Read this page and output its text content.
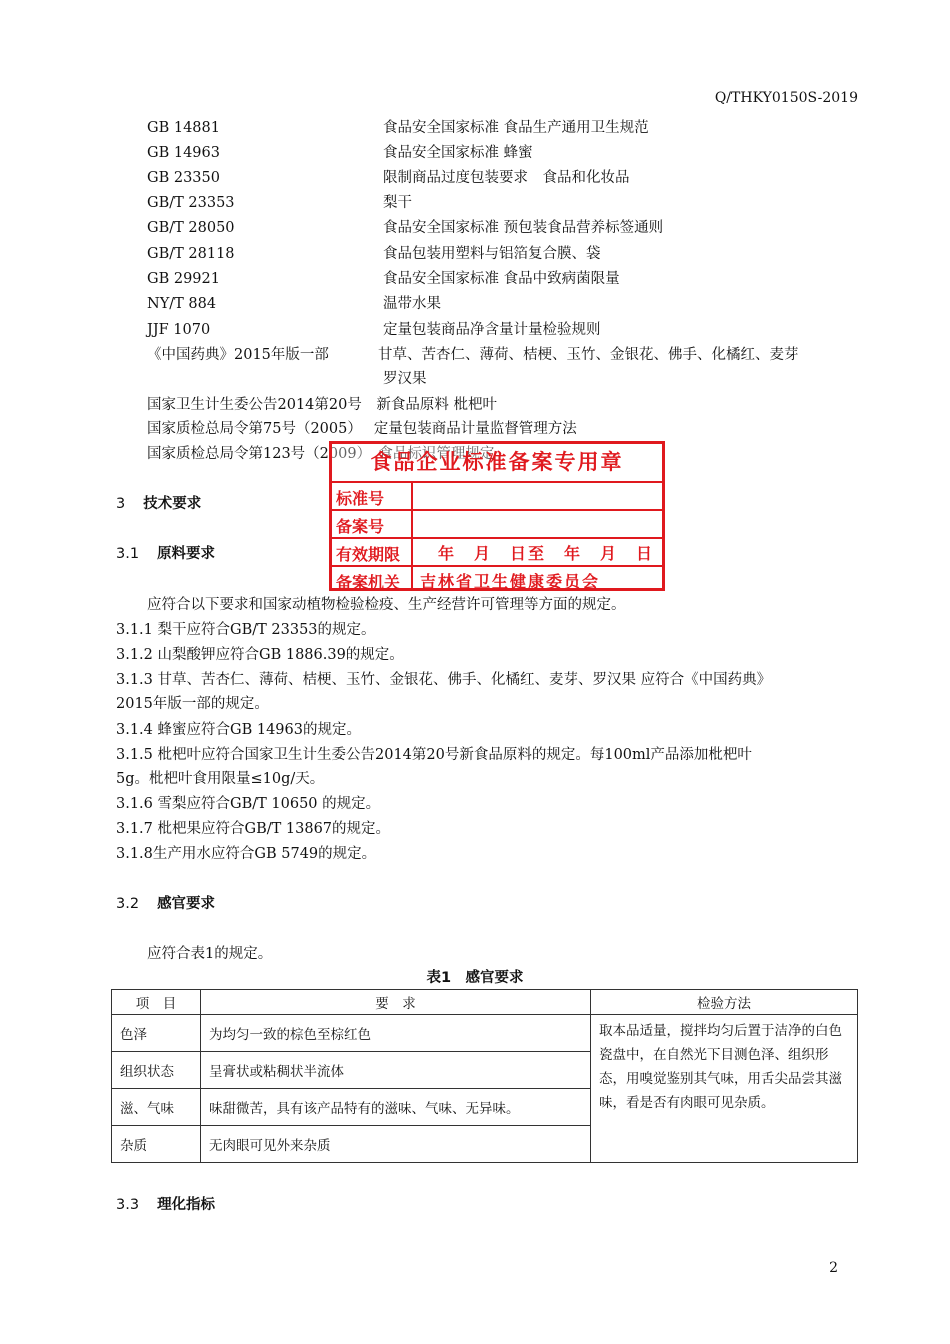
Q/THKY0150S-2019
GB 14881	食品安全国家标准 食品生产通用卫生规范
GB 14963	食品安全国家标准 蜂蜜
GB 23350	限制商品过度包装要求　食品和化妆品
GB/T 23353	梨干
GB/T 28050	食品安全国家标准 预包装食品营养标签通则
GB/T 28118	食品包装用塑料与铝箔复合膜、袋
GB 29921	食品安全国家标准 食品中致病菌限量
NY/T 884	温带水果
JJF 1070	定量包装商品净含量计量检验规则
《中国药典》2015年版一部	甘草、苦杏仁、薄荷、桔梗、玉竹、金银花、佛手、化橘红、麦芽
罗汉果
国家卫生计生委公告2014第20号　新食品原料 枇杷叶
国家质检总局令第75号（2005）　 定量包装商品计量监督管理方法
国家质检总局令第123号（2009）　食品标识管理规定
3 技术要求
3.1 原料要求
应符合以下要求和国家动植物检验检疫、生产经营许可管理等方面的规定。
3.1.1 梨干应符合GB/T 23353的规定。
3.1.2 山梨酸钾应符合GB 1886.39的规定。
3.1.3 甘草、苦杏仁、薄荷、桔梗、玉竹、金银花、佛手、化橘红、麦芽、罗汉果 应符合《中国药典》
2015年版一部的规定。
3.1.4 蜂蜜应符合GB 14963的规定。
3.1.5 枇杷叶应符合国家卫生计生委公告2014第20号新食品原料的规定。每100ml产品添加枇杷叶
5g。枇杷叶食用限量≤10g/天。
3.1.6 雪梨应符合GB/T 10650 的规定。
3.1.7 枇杷果应符合GB/T 13867的规定。
3.1.8生产用水应符合GB 5749的规定。
食品企业标准备案专用章
标准号
备案号
有效期限 　年　月　日至　年　月　日
备案机关 吉林省卫生健康委员会
3.2 感官要求
应符合表1的规定。
表1　感官要求
项　目	要　求	检验方法
色泽	为均匀一致的棕色至棕红色	取本品适量，搅拌均匀后置于洁净的白色瓷盘中，在自然光下目测色泽、组织形态，用嗅觉鉴别其气味，用舌尖品尝其滋味，看是否有肉眼可见杂质。
组织状态	呈膏状或粘稠状半流体	
滋、气味	味甜微苦，具有该产品特有的滋味、气味、无异味。	
杂质	无肉眼可见外来杂质	
3.3 理化指标
2
